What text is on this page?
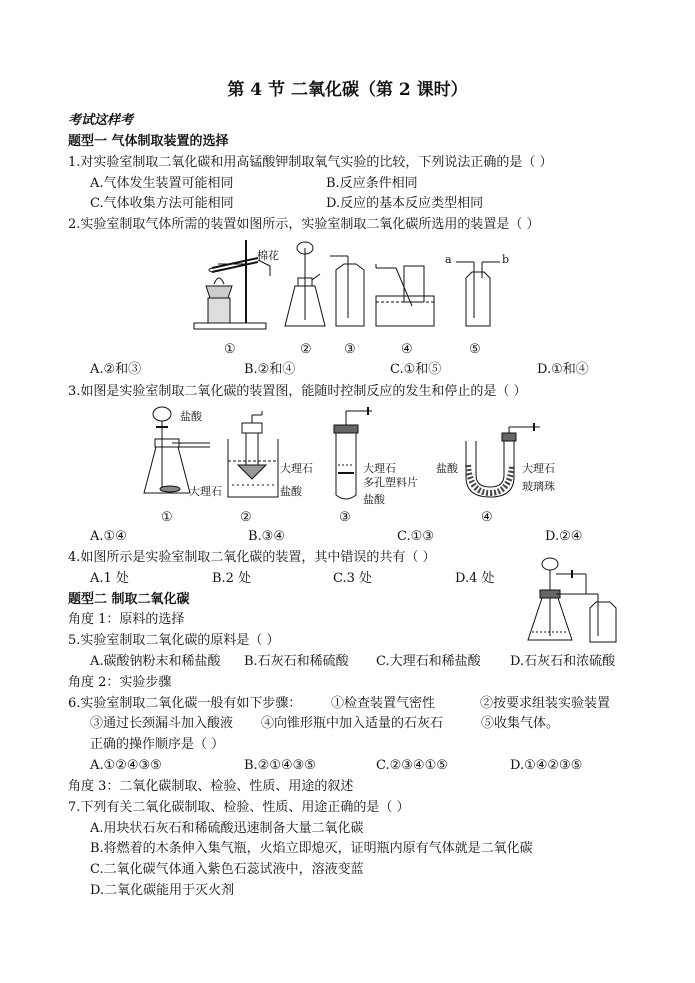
第 4 节 二氧化碳（第 2 课时）
考试这样考
题型一 气体制取装置的选择
1.对实验室制取二氧化碳和用高锰酸钾制取氧气实验的比较，下列说法正确的是（ ）
A.气体发生装置可能相同	B.反应条件相同
C.气体收集方法可能相同	D.反应的基本反应类型相同
2.实验室制取气体所需的装置如图所示，实验室制取二氧化碳所选用的装置是（ ）
棉花	a	b
①	② ③	④	⑤
A.②和③	B.②和④	C.①和⑤	D.①和④
3.如图是实验室制取二氧化碳的装置图，能随时控制反应的发生和停止的是（ ）
盐酸
大理石
大理石
盐酸
大理石
多孔塑料片
盐酸
盐酸	大理石
玻璃珠
①	②	③	④
A.①④	B.③④	C.①③	D.②④
4.如图所示是实验室制取二氧化碳的装置，其中错误的共有（ ）
A.1 处	B.2 处	C.3 处	D.4 处
题型二 制取二氧化碳
角度 1：原料的选择
5.实验室制取二氧化碳的原料是（ ）
A.碳酸钠粉末和稀盐酸 B.石灰石和稀硫酸 C.大理石和稀盐酸 D.石灰石和浓硫酸
角度 2：实验步骤
6.实验室制取二氧化碳一般有如下步骤： ①检查装置气密性	②按要求组装实验装置
③通过长颈漏斗加入酸液 ④向锥形瓶中加入适量的石灰石	⑤收集气体。
正确的操作顺序是（ ）
A.①②④③⑤	B.②①④③⑤	C.②③④①⑤	D.①④②③⑤
角度 3：二氧化碳制取、检验、性质、用途的叙述
7.下列有关二氧化碳制取、检验、性质、用途正确的是（ ）
A.用块状石灰石和稀硫酸迅速制备大量二氧化碳
B.将燃着的木条伸入集气瓶，火焰立即熄灭，证明瓶内原有气体就是二氧化碳
C.二氧化碳气体通入紫色石蕊试液中，溶液变蓝
D.二氧化碳能用于灭火剂
